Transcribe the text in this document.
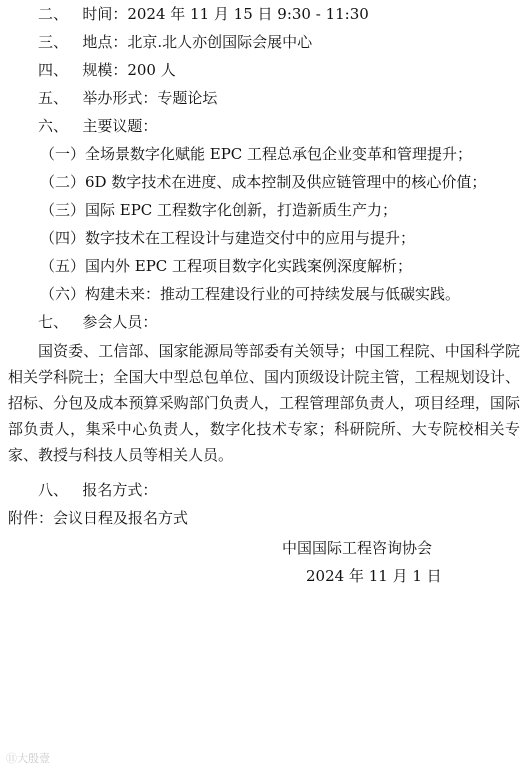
二、 时间：2024 年 11 月 15 日 9:30 - 11:30
三、 地点：北京.北人亦创国际会展中心
四、 规模：200 人
五、 举办形式：专题论坛
六、 主要议题：
（一）全场景数字化赋能 EPC 工程总承包企业变革和管理提升；
（二）6D 数字技术在进度、成本控制及供应链管理中的核心价值；
（三）国际 EPC 工程数字化创新，打造新质生产力；
（四）数字技术在工程设计与建造交付中的应用与提升；
（五）国内外 EPC 工程项目数字化实践案例深度解析；
（六）构建未来：推动工程建设行业的可持续发展与低碳实践。
七、 参会人员：
国资委、工信部、国家能源局等部委有关领导；中国工程院、中国科学院相关学科院士；全国大中型总包单位、国内顶级设计院主管，工程规划设计、招标、分包及成本预算采购部门负责人，工程管理部负责人，项目经理，国际部负责人，集采中心负责人，数字化技术专家；科研院所、大专院校相关专家、教授与科技人员等相关人员。
八、 报名方式：
附件：会议日程及报名方式
中国国际工程咨询协会
2024 年 11 月 1 日
⑪大殷壹
